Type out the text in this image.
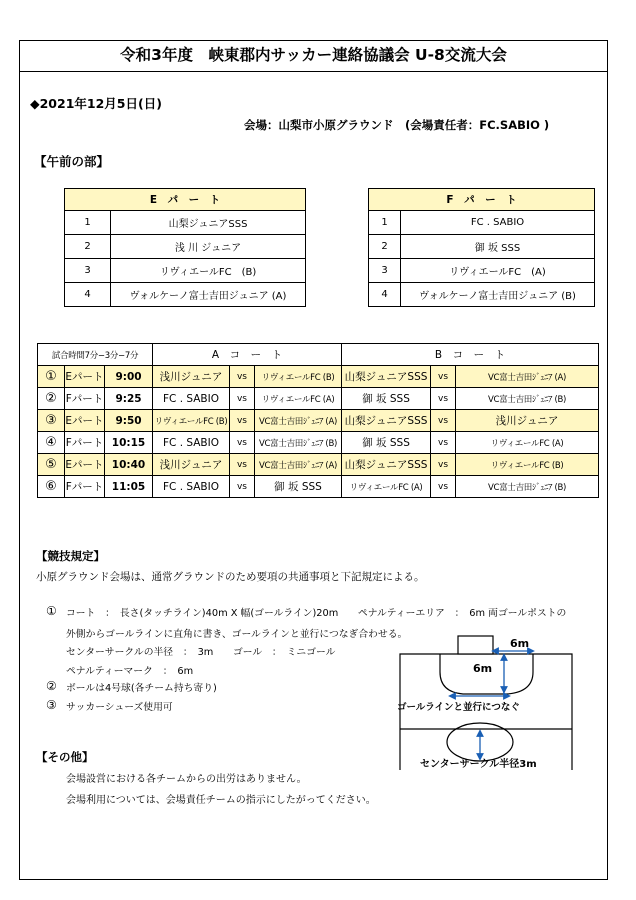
令和3年度　峡東郡内サッカー連絡協議会 U-8交流大会
◆2021年12月5日(日)
会場：山梨市小原グラウンド　(会場責任者：FC.SABIO )
【午前の部】
E　パ　ー　ト	
1	山梨ジュニアSSS
2	浅 川 ジュニア
3	リヴィエールFC　(B)
4	ヴォルケーノ富士吉田ジュニア (A)
F　パ　ー　ト	
1	FC . SABIO
2	御 坂 SSS
3	リヴィエールFC　(A)
4	ヴォルケーノ富士吉田ジュニア (B)
試合時間7分−3分−7分			A　コ　ー　ト			B　コ　ー　ト		
①	Eパート	9:00	浅川ジュニア	vs	リヴィエールFC (B)	山梨ジュニアSSS	vs	VC富士吉田ｼﾞｭﾆｱ (A)
②	Fパート	9:25	FC . SABIO	vs	リヴィエールFC (A)	御 坂 SSS	vs	VC富士吉田ｼﾞｭﾆｱ (B)
③	Eパート	9:50	リヴィエールFC (B)	vs	VC富士吉田ｼﾞｭﾆｱ (A)	山梨ジュニアSSS	vs	浅川ジュニア
④	Fパート	10:15	FC . SABIO	vs	VC富士吉田ｼﾞｭﾆｱ (B)	御 坂 SSS	vs	リヴィエールFC (A)
⑤	Eパート	10:40	浅川ジュニア	vs	VC富士吉田ｼﾞｭﾆｱ (A)	山梨ジュニアSSS	vs	リヴィエールFC (B)
⑥	Fパート	11:05	FC . SABIO	vs	御 坂 SSS	リヴィエールFC (A)	vs	VC富士吉田ｼﾞｭﾆｱ (B)
【競技規定】
小原グラウンド会場は、通常グラウンドのため要項の共通事項と下記規定による。
① コート　：　長さ(タッチライン)40m X 幅(ゴールライン)20m　　ペナルティーエリア　：　6m 両ゴールポストの
外側からゴールラインに直角に書き、ゴールラインと並行につなぎ合わせる。
センターサークルの半径　：　3m　　ゴール　：　ミニゴール
ペナルティーマーク　：　6m
② ボールは4号球(各チーム持ち寄り)
③ サッカーシューズ使用可
6m
6m
ゴールラインと並行につなぐ
センターサークル半径3m
【その他】
会場設営における各チームからの出労はありません。
会場利用については、会場責任チームの指示にしたがってください。
